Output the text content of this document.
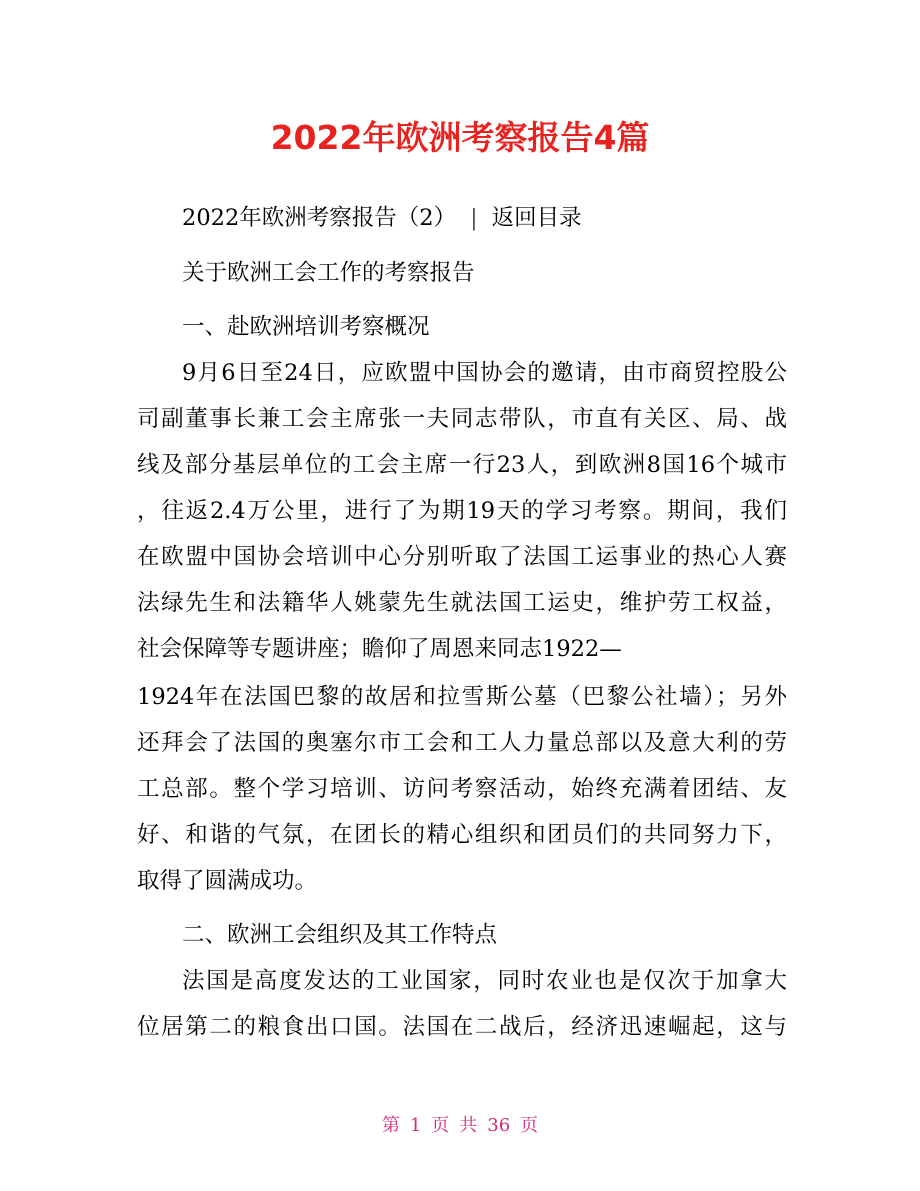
2022年欧洲考察报告4篇
2022年欧洲考察报告（2） | 返回目录
关于欧洲工会工作的考察报告
一、赴欧洲培训考察概况
9月6日至24日，应欧盟中国协会的邀请，由市商贸控股公
司副董事长兼工会主席张一夫同志带队，市直有关区、局、战
线及部分基层单位的工会主席一行23人，到欧洲8国16个城市
，往返2.4万公里，进行了为期19天的学习考察。期间，我们
在欧盟中国协会培训中心分别听取了法国工运事业的热心人赛
法绿先生和法籍华人姚蒙先生就法国工运史，维护劳工权益，
社会保障等专题讲座；瞻仰了周恩来同志1922—
1924年在法国巴黎的故居和拉雪斯公墓（巴黎公社墙）；另外
还拜会了法国的奥塞尔市工会和工人力量总部以及意大利的劳
工总部。整个学习培训、访问考察活动，始终充满着团结、友
好、和谐的气氛，在团长的精心组织和团员们的共同努力下，
取得了圆满成功。
二、欧洲工会组织及其工作特点
法国是高度发达的工业国家，同时农业也是仅次于加拿大
位居第二的粮食出口国。法国在二战后，经济迅速崛起，这与
第 1 页 共 36 页
